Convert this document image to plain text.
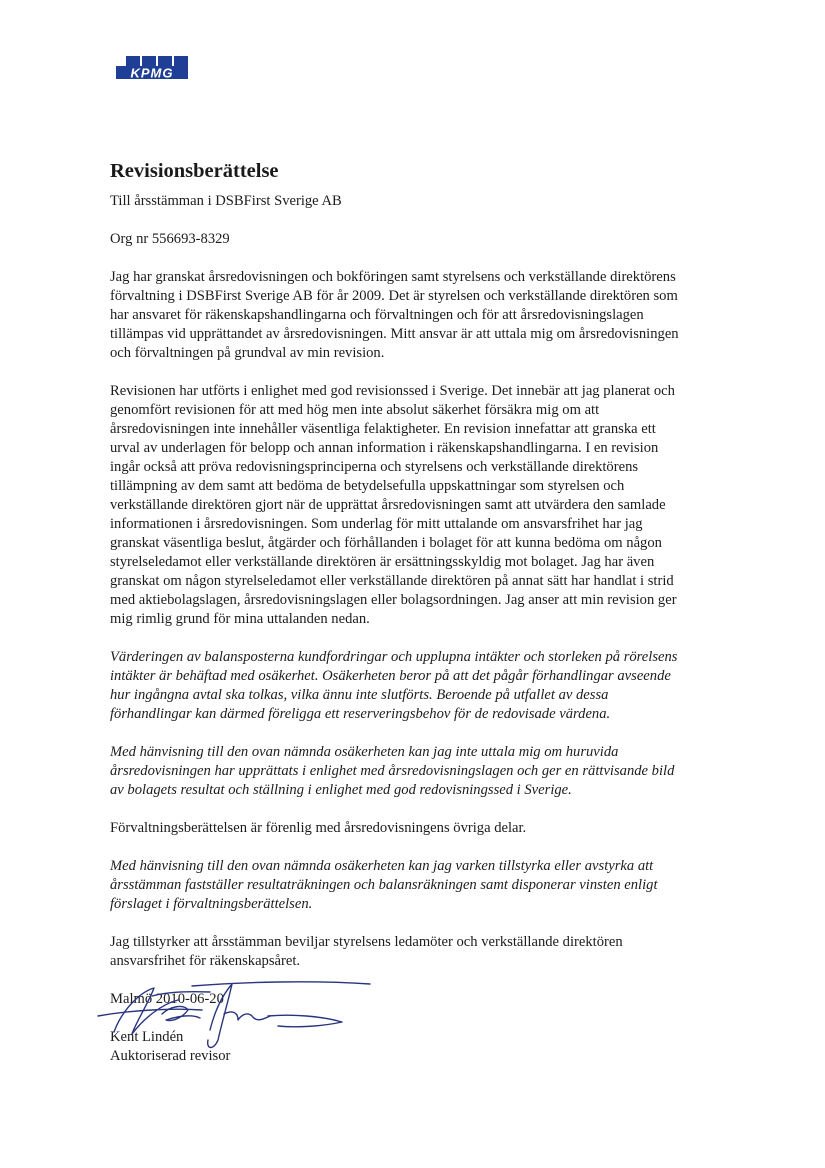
KPMG
Revisionsberättelse

Till årsstämman i DSBFirst Sverige AB

Org nr 556693-8329

Jag har granskat årsredovisningen och bokföringen samt styrelsens och verkställande direktörens
förvaltning i DSBFirst Sverige AB för år 2009. Det är styrelsen och verkställande direktören som
har ansvaret för räkenskapshandlingarna och förvaltningen och för att årsredovisningslagen
tillämpas vid upprättandet av årsredovisningen. Mitt ansvar är att uttala mig om årsredovisningen
och förvaltningen på grundval av min revision.
Revisionen har utförts i enlighet med god revisionssed i Sverige. Det innebär att jag planerat och
genomfört revisionen för att med hög men inte absolut säkerhet försäkra mig om att
årsredovisningen inte innehåller väsentliga felaktigheter. En revision innefattar att granska ett
urval av underlagen för belopp och annan information i räkenskapshandlingarna. I en revision
ingår också att pröva redovisningsprinciperna och styrelsens och verkställande direktörens
tillämpning av dem samt att bedöma de betydelsefulla uppskattningar som styrelsen och
verkställande direktören gjort när de upprättat årsredovisningen samt att utvärdera den samlade
informationen i årsredovisningen. Som underlag för mitt uttalande om ansvarsfrihet har jag
granskat väsentliga beslut, åtgärder och förhållanden i bolaget för att kunna bedöma om någon
styrelseledamot eller verkställande direktören är ersättningsskyldig mot bolaget. Jag har även
granskat om någon styrelseledamot eller verkställande direktören på annat sätt har handlat i strid
med aktiebolagslagen, årsredovisningslagen eller bolagsordningen. Jag anser att min revision ger
mig rimlig grund för mina uttalanden nedan.
Värderingen av balansposterna kundfordringar och upplupna intäkter och storleken på rörelsens
intäkter är behäftad med osäkerhet. Osäkerheten beror på att det pågår förhandlingar avseende
hur ingångna avtal ska tolkas, vilka ännu inte slutförts. Beroende på utfallet av dessa
förhandlingar kan därmed föreligga ett reserveringsbehov för de redovisade värdena.
Med hänvisning till den ovan nämnda osäkerheten kan jag inte uttala mig om huruvida
årsredovisningen har upprättats i enlighet med årsredovisningslagen och ger en rättvisande bild
av bolagets resultat och ställning i enlighet med god redovisningssed i Sverige.
Förvaltningsberättelsen är förenlig med årsredovisningens övriga delar.
Med hänvisning till den ovan nämnda osäkerheten kan jag varken tillstyrka eller avstyrka att
årsstämman fastställer resultaträkningen och balansräkningen samt disponerar vinsten enligt
förslaget i förvaltningsberättelsen.
Jag tillstyrker att årsstämman beviljar styrelsens ledamöter och verkställande direktören
ansvarsfrihet för räkenskapsåret.
Malmö 2010-06-20
Kent Lindén
Auktoriserad revisor
